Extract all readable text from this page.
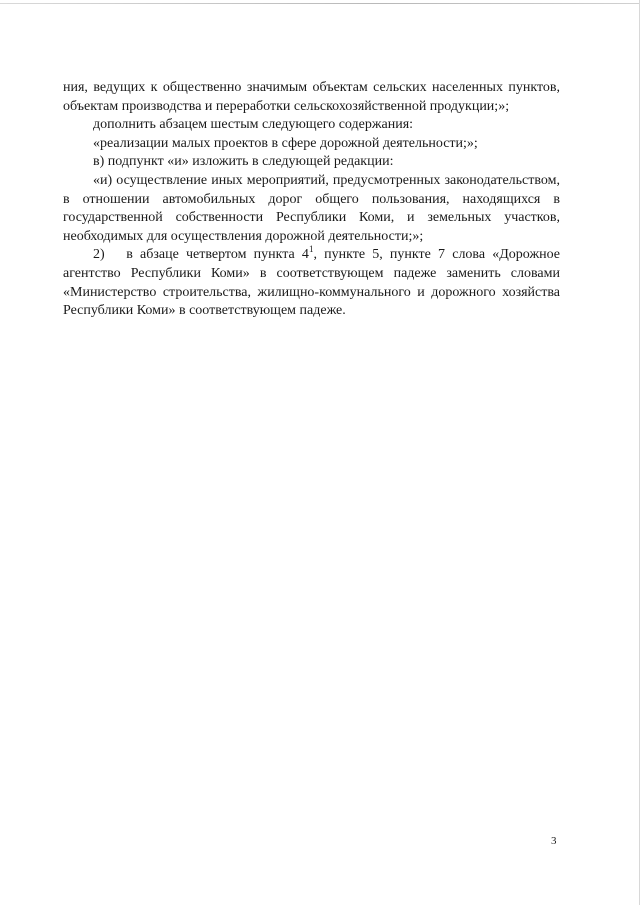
ния, ведущих к общественно значимым объектам сельских населенных пунктов, объектам производства и переработки сельскохозяйственной продукции;»;

дополнить абзацем шестым следующего содержания:

«реализации малых проектов в сфере дорожной деятельности;»;

в) подпункт «и» изложить в следующей редакции:

«и) осуществление иных мероприятий, предусмотренных законодательством, в отношении автомобильных дорог общего пользования, находящихся в государственной собственности Республики Коми, и земельных участков, необходимых для осуществления дорожной деятельности;»;

2) в абзаце четвертом пункта $4^1$, пункте 5, пункте 7 слова «Дорожное агентство Республики Коми» в соответствующем падеже заменить словами «Министерство строительства, жилищно-коммунального и дорожного хозяйства Республики Коми» в соответствующем падеже.

3
